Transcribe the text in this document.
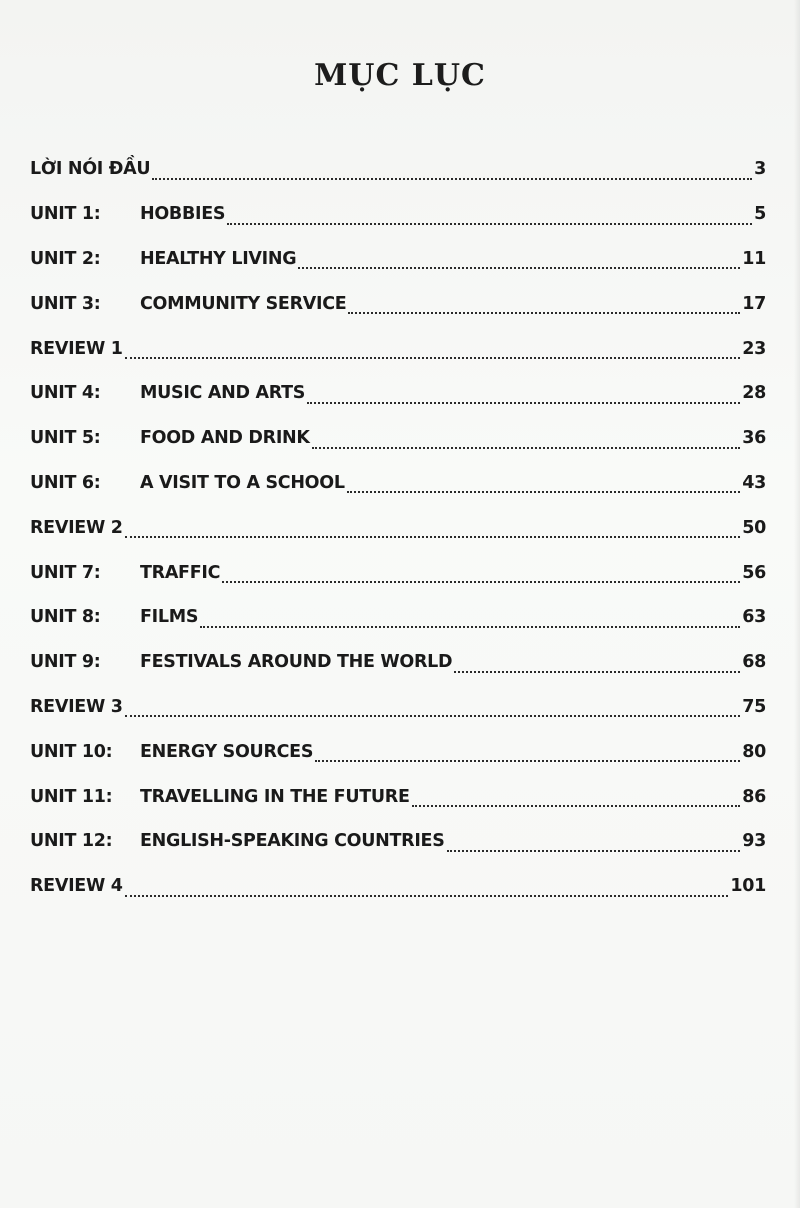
MỤC LỤC
LỜI NÓI ĐẦU	3
UNIT 1:	HOBBIES	5
UNIT 2:	HEALTHY LIVING	11
UNIT 3:	COMMUNITY SERVICE	17
REVIEW 1	23
UNIT 4:	MUSIC AND ARTS	28
UNIT 5:	FOOD AND DRINK	36
UNIT 6:	A VISIT TO A SCHOOL	43
REVIEW 2	50
UNIT 7:	TRAFFIC	56
UNIT 8:	FILMS	63
UNIT 9:	FESTIVALS AROUND THE WORLD	68
REVIEW 3	75
UNIT 10:	ENERGY SOURCES	80
UNIT 11:	TRAVELLING IN THE FUTURE	86
UNIT 12:	ENGLISH-SPEAKING COUNTRIES	93
REVIEW 4	101
